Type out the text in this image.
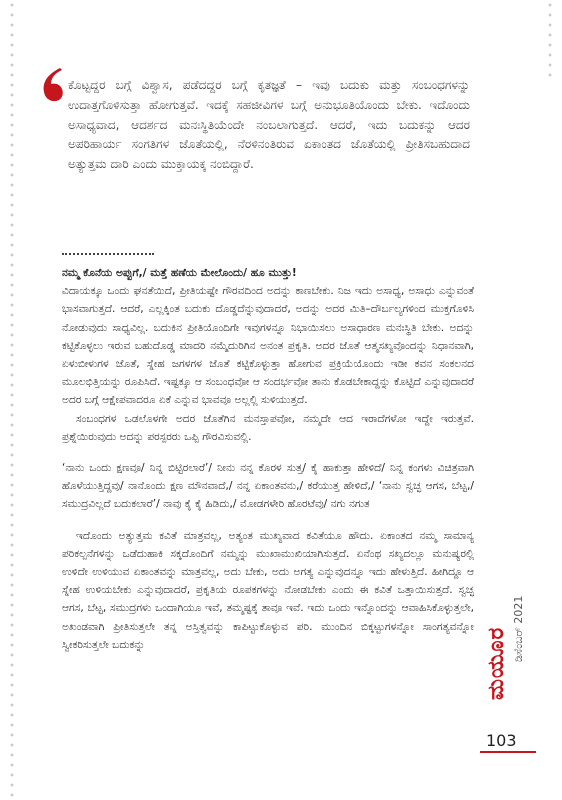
ಕೊಟ್ಟದ್ದರ ಬಗ್ಗೆ ವಿಶ್ವಾಸ, ಪಡೆದದ್ದರ ಬಗ್ಗೆ ಕೃತಜ್ಞತೆ – ಇವು ಬದುಕು ಮತ್ತು ಸಂಬಂಧಗಳನ್ನು ಉದಾತ್ತಗೊಳಿಸುತ್ತಾ ಹೋಗುತ್ತವೆ. ಇದಕ್ಕೆ ಸಹಜೀವಿಗಳ ಬಗ್ಗೆ ಅನುಭೂತಿಯೊಂದು ಬೇಕು. ಇದೊಂದು ಅಸಾಧ್ಯವಾದ, ಆದರ್ಶದ ಮನಃಸ್ಥಿತಿಯೆಂದೇ ನಂಬಲಾಗುತ್ತದೆ. ಆದರೆ, ಇದು ಬದುಕನ್ನು ಆದರ ಅಪರಿಹಾರ್ಯ ಸಂಗತಿಗಳ ಜೊತೆಯಲ್ಲಿ, ನೆರಳಿನಂತಿರುವ ಏಕಾಂತದ ಜೊತೆಯಲ್ಲಿ ಪ್ರೀತಿಸಬಹುದಾದ ಅತ್ಯುತ್ತಮ ದಾರಿ ಎಂದು ಮುಕ್ತಾಯಕ್ಕ ನಂಬಿದ್ದಾರೆ.

ನಮ್ಮ ಕೊನೆಯ ಅಪ್ಪುಗೆ,/ ಮತ್ತೆ ಹಣೆಯ ಮೇಲೊಂದು/ ಹೂ ಮುತ್ತು!

ವಿದಾಯಕ್ಕೂ ಒಂದು ಘನತೆಯಿದೆ, ಪ್ರೀತಿಯಷ್ಟೇ ಗೌರವದಿಂದ ಅದನ್ನು ಕಾಣಬೇಕು. ನಿಜ ಇದು ಅಸಾಧ್ಯ, ಅಸಾಧು ಎನ್ನುವಂತೆ ಭಾಸವಾಗುತ್ತದೆ. ಆದರೆ, ಎಲ್ಲಕ್ಕಿಂತ ಬದುಕು ದೊಡ್ಡದೆನ್ನುವುದಾದರೆ, ಅದನ್ನು ಅದರ ಮಿತಿ–ದೌರ್ಬಲ್ಯಗಳಿಂದ ಮುಕ್ತಗೊಳಿಸಿ ನೋಡುವುದು ಸಾಧ್ಯವಿಲ್ಲ. ಬದುಕಿನ ಪ್ರೀತಿಯೊಂದಿಗೇ ಇವುಗಳನ್ನೂ ನಿಭಾಯಿಸಲು ಅಸಾಧಾರಣ ಮನಃಸ್ಥಿತಿ ಬೇಕು. ಅದನ್ನು ಕಟ್ಟಿಕೊಳ್ಳಲು ಇರುವ ಬಹುದೊಡ್ಡ ಮಾದರಿ ನಮ್ಮೆದುರಿಗಿನ ಅನಂತ ಪ್ರಕೃತಿ. ಅದರ ಜೊತೆ ಆತ್ಮಸಖ್ಯವೊಂದನ್ನು ನಿಧಾನವಾಗಿ, ಏಳುಬೀಳುಗಳ ಜೊತೆ, ಸ್ನೇಹ ಜಗಳಗಳ ಜೊತೆ ಕಟ್ಟಿಕೊಳ್ಳುತ್ತಾ ಹೋಗುವ ಪ್ರಕ್ರಿಯೆಯೊಂದು ಇಡೀ ಕವನ ಸಂಕಲನದ ಮೂಲಭಿತ್ತಿಯನ್ನು ರೂಪಿಸಿದೆ. ಇಷ್ಟಕ್ಕೂ ಆ ಸಂಬಂಧವೋ ಆ ಸಂದರ್ಭವೋ ತಾನು ಕೊಡಬೇಕಾದ್ದನ್ನು ಕೊಟ್ಟಿದೆ ಎನ್ನುವುದಾದರೆ ಅದರ ಬಗ್ಗೆ ಆಕ್ಷೇಪವಾದರೂ ಏಕೆ ಎನ್ನುವ ಭಾವವೂ ಅಲ್ಲಲ್ಲಿ ಸುಳಿಯುತ್ತದೆ.

ಸಂಬಂಧಗಳ ಒಡಲೊಳಗೇ ಅದರ ಜೊತೆಗಿನ ಮನಸ್ತಾಪವೋ, ನಮ್ಮದೇ ಆದ ಇರಾದೆಗಳೋ ಇದ್ದೇ ಇರುತ್ತವೆ. ಪ್ರಶ್ನೆಯಿರುವುದು ಅದನ್ನು ಪರಸ್ಪರರು ಒಪ್ಪಿ ಗೌರವಿಸುವಲ್ಲಿ.

‘ನಾನು ಒಂದು ಕ್ಷಣವೂ/ ನಿನ್ನ ಬಿಟ್ಟಿರಲಾರೆ’/ ನೀನು ನನ್ನ ಕೊರಳ ಸುತ್ತ/ ಕೈ ಹಾಕುತ್ತಾ ಹೇಳಿದೆ/ ನಿನ್ನ ಕಂಗಳು ವಿಚಿತ್ರವಾಗಿ ಹೊಳೆಯುತ್ತಿದ್ದವು/ ನಾನೊಂದು ಕ್ಷಣ ಮೌನವಾದೆ,/ ನನ್ನ ಏಕಾಂತವನು,/ ಕರೆಯುತ್ತ ಹೇಳಿದೆ,/ ‘ನಾನು ಸ್ವಚ್ಛ ಆಗಸ, ಬೆಟ್ಟ,/ ಸಮುದ್ರವಿಲ್ಲದೆ ಬದುಕಲಾರೆ’/ ನಾವು ಕೈ ಕೈ ಹಿಡಿದು,/ ಮೋಡಗಳೇರಿ ಹೊರಟೆವು/ ನಗು ನಗುತ

ಇದೊಂದು ಅತ್ಯುತ್ತಮ ಕವಿತೆ ಮಾತ್ರವಲ್ಲ, ಅತ್ಯಂತ ಮುಖ್ಯವಾದ ಕವಿತೆಯೂ ಹೌದು. ಏಕಾಂತದ ನಮ್ಮ ಸಾಮಾನ್ಯ ಪರಿಕಲ್ಪನೆಗಳನ್ನು ಒಡೆದುಹಾಕಿ ಸಕ್ಕದೊಂದಿಗೆ ನಮ್ಮನ್ನು ಮುಖಾಮುಖಿಯಾಗಿಸುತ್ತದೆ. ಏನೆಂಥ ಸಖ್ಯದಲ್ಲೂ ಮನುಷ್ಯರಲ್ಲಿ ಉಳಿದೇ ಉಳಿಯುವ ಏಕಾಂತವನ್ನು ಮಾತ್ರವಲ್ಲ, ಅದು ಬೇಕು, ಅದು ಅಗತ್ಯ ಎನ್ನುವುದನ್ನೂ ಇದು ಹೇಳುತ್ತಿದೆ. ಹೀಗಿದ್ದೂ ಆ ಸ್ನೇಹ ಉಳಿಯಬೇಕು ಎನ್ನುವುದಾದರೆ, ಪ್ರಕೃತಿಯ ರೂಪಕಗಳನ್ನು ನೋಡಬೇಕು ಎಂದು ಈ ಕವಿತೆ ಒತ್ತಾಯಿಸುತ್ತದೆ. ಸ್ವಚ್ಛ ಆಗಸ, ಬೆಟ್ಟ, ಸಮುದ್ರಗಳು ಒಂದಾಗಿಯೂ ಇವೆ, ತಮ್ಮಷ್ಟಕ್ಕೆ ತಾವೂ ಇವೆ. ಇದು ಒಂದು ಇನ್ನೊಂದನ್ನು ಆವಾಹಿಸಿಕೊಳ್ಳುತ್ತಲೇ, ಅಖಂಡವಾಗಿ ಪ್ರೀತಿಸುತ್ತಲೇ ತನ್ನ ಅಸ್ತಿತ್ವವನ್ನು ಕಾಪಿಟ್ಟುಕೊಳ್ಳುವ ಪರಿ. ಮುಂದಿನ ಬಿಕ್ಕಟ್ಟುಗಳನ್ನೋ ಸಾಂಗತ್ಯವನ್ನೋ ಸ್ವೀಕರಿಸುತ್ತಲೇ ಬದುಕನ್ನು	ಮಯೂರ ಡಿಸೆಂಬರ್ 2021
103
